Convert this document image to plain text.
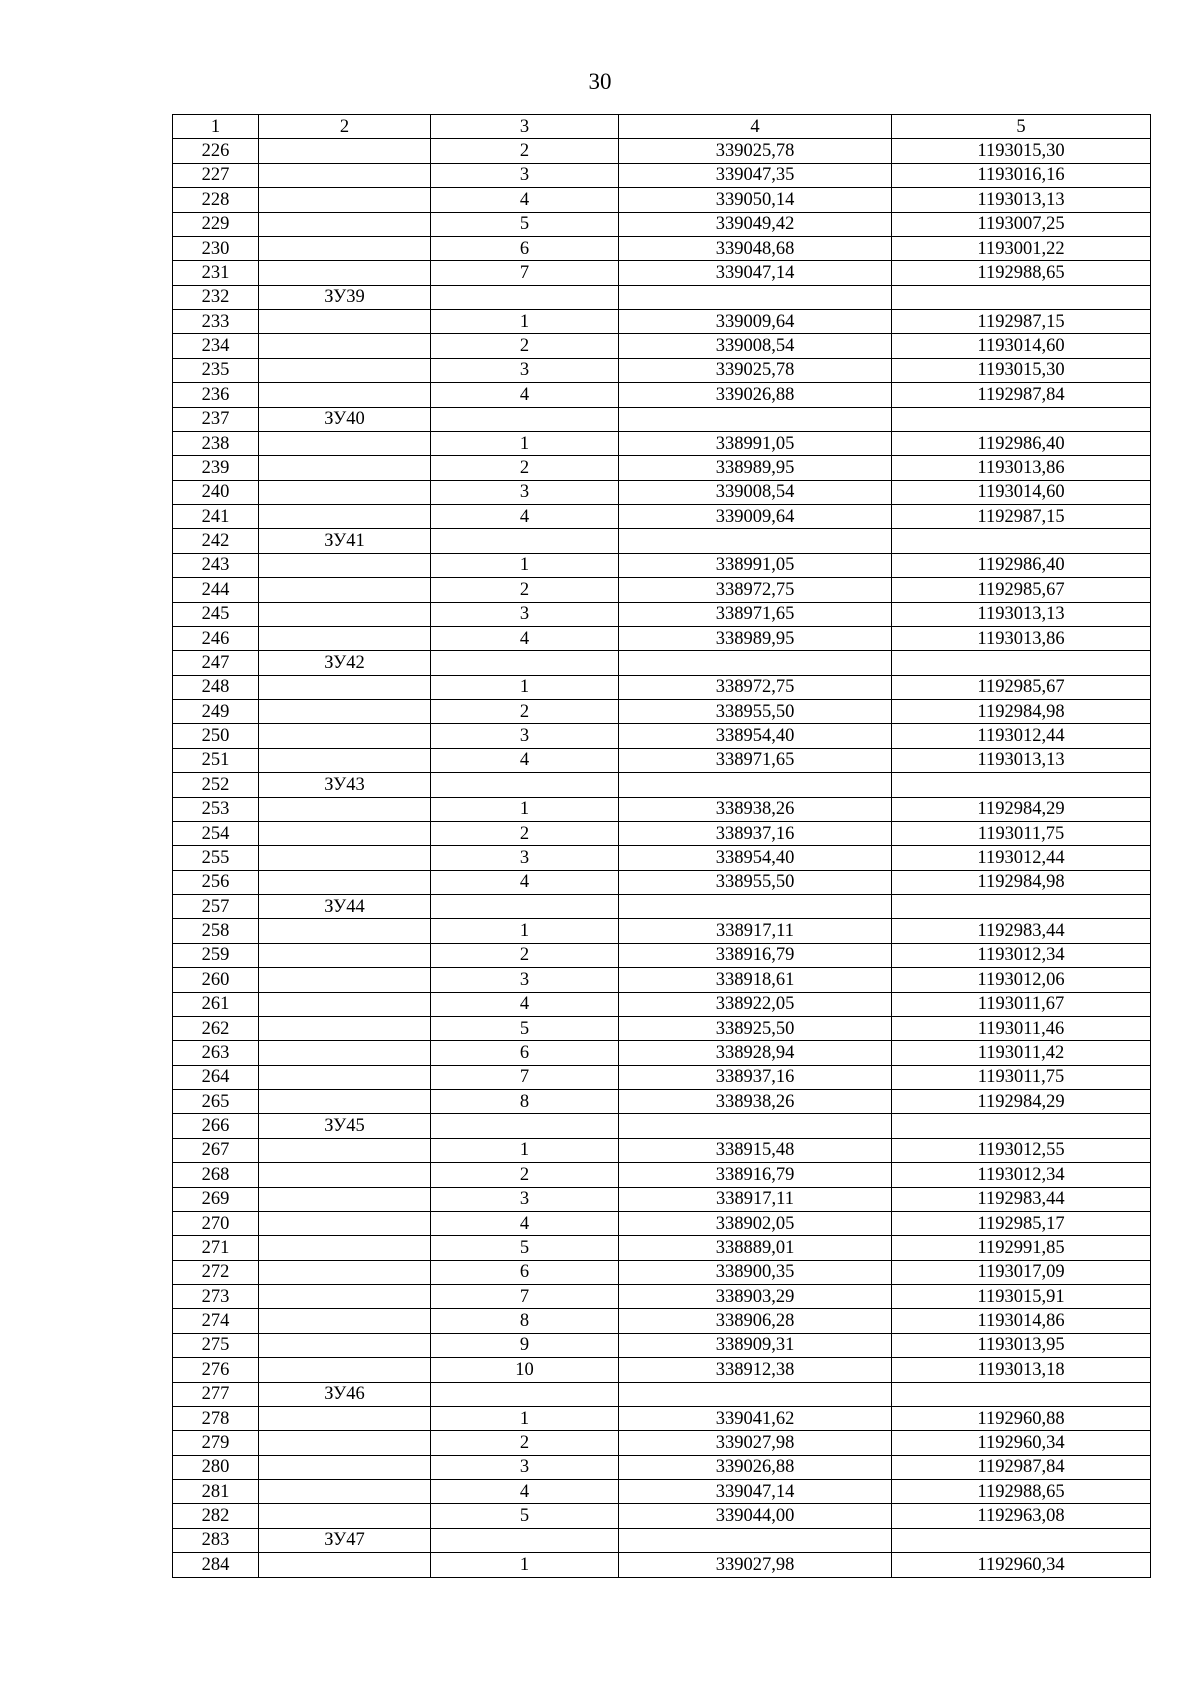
30
1	2	3	4	5
226		2	339025,78	1193015,30
227		3	339047,35	1193016,16
228		4	339050,14	1193013,13
229		5	339049,42	1193007,25
230		6	339048,68	1193001,22
231		7	339047,14	1192988,65
232	ЗУ39			
233		1	339009,64	1192987,15
234		2	339008,54	1193014,60
235		3	339025,78	1193015,30
236		4	339026,88	1192987,84
237	ЗУ40			
238		1	338991,05	1192986,40
239		2	338989,95	1193013,86
240		3	339008,54	1193014,60
241		4	339009,64	1192987,15
242	ЗУ41			
243		1	338991,05	1192986,40
244		2	338972,75	1192985,67
245		3	338971,65	1193013,13
246		4	338989,95	1193013,86
247	ЗУ42			
248		1	338972,75	1192985,67
249		2	338955,50	1192984,98
250		3	338954,40	1193012,44
251		4	338971,65	1193013,13
252	ЗУ43			
253		1	338938,26	1192984,29
254		2	338937,16	1193011,75
255		3	338954,40	1193012,44
256		4	338955,50	1192984,98
257	ЗУ44			
258		1	338917,11	1192983,44
259		2	338916,79	1193012,34
260		3	338918,61	1193012,06
261		4	338922,05	1193011,67
262		5	338925,50	1193011,46
263		6	338928,94	1193011,42
264		7	338937,16	1193011,75
265		8	338938,26	1192984,29
266	ЗУ45			
267		1	338915,48	1193012,55
268		2	338916,79	1193012,34
269		3	338917,11	1192983,44
270		4	338902,05	1192985,17
271		5	338889,01	1192991,85
272		6	338900,35	1193017,09
273		7	338903,29	1193015,91
274		8	338906,28	1193014,86
275		9	338909,31	1193013,95
276		10	338912,38	1193013,18
277	ЗУ46			
278		1	339041,62	1192960,88
279		2	339027,98	1192960,34
280		3	339026,88	1192987,84
281		4	339047,14	1192988,65
282		5	339044,00	1192963,08
283	ЗУ47			
284		1	339027,98	1192960,34
